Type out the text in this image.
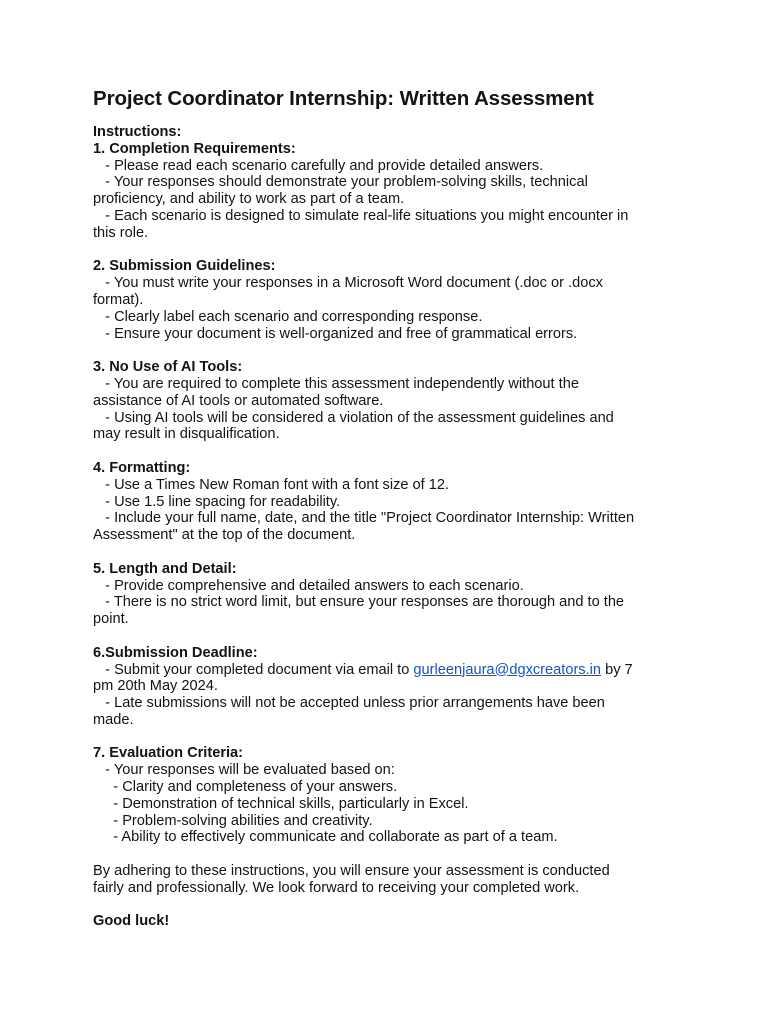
Project Coordinator Internship: Written Assessment

Instructions:

1. Completion Requirements:

- Please read each scenario carefully and provide detailed answers.

- Your responses should demonstrate your problem-solving skills, technical

proficiency, and ability to work as part of a team.

- Each scenario is designed to simulate real-life situations you might encounter in

this role.

2. Submission Guidelines:

- You must write your responses in a Microsoft Word document (.doc or .docx

format).

- Clearly label each scenario and corresponding response.

- Ensure your document is well-organized and free of grammatical errors.

3. No Use of AI Tools:

- You are required to complete this assessment independently without the

assistance of AI tools or automated software.

- Using AI tools will be considered a violation of the assessment guidelines and

may result in disqualification.

4. Formatting:

- Use a Times New Roman font with a font size of 12.

- Use 1.5 line spacing for readability.

- Include your full name, date, and the title "Project Coordinator Internship: Written

Assessment" at the top of the document.

5. Length and Detail:

- Provide comprehensive and detailed answers to each scenario.

- There is no strict word limit, but ensure your responses are thorough and to the

point.

6.Submission Deadline:

- Submit your completed document via email to gurleenjaura@dgxcreators.in by 7

pm 20th May 2024.

- Late submissions will not be accepted unless prior arrangements have been

made.

7. Evaluation Criteria:

- Your responses will be evaluated based on:

- Clarity and completeness of your answers.

- Demonstration of technical skills, particularly in Excel.

- Problem-solving abilities and creativity.

- Ability to effectively communicate and collaborate as part of a team.

By adhering to these instructions, you will ensure your assessment is conducted

fairly and professionally. We look forward to receiving your completed work.

Good luck!
